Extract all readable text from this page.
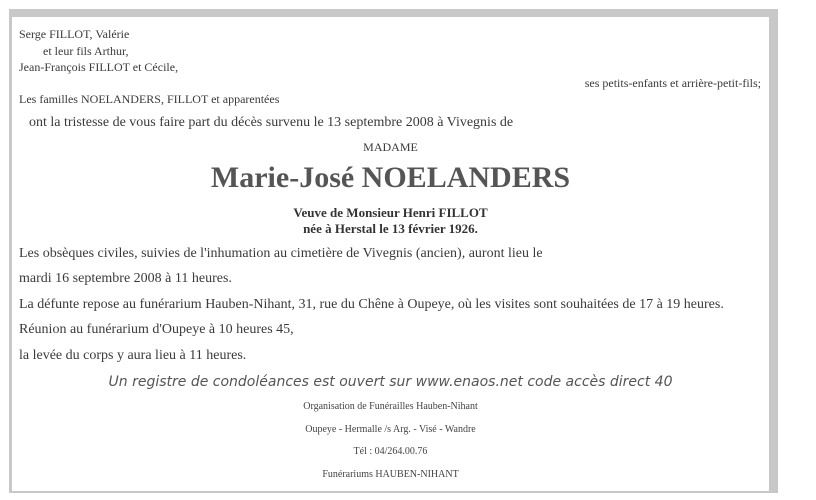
Serge FILLOT, Valérie
et leur fils Arthur,
Jean-François FILLOT et Cécile,
ses petits-enfants et arrière-petit-fils;
Les familles NOELANDERS, FILLOT et apparentées
ont la tristesse de vous faire part du décès survenu le 13 septembre 2008 à Vivegnis de
MADAME
Marie-José NOELANDERS
Veuve de Monsieur Henri FILLOT
née à Herstal le 13 février 1926.
Les obsèques civiles, suivies de l'inhumation au cimetière de Vivegnis (ancien), auront lieu le
mardi 16 septembre 2008 à 11 heures.
La défunte repose au funérarium Hauben-Nihant, 31, rue du Chêne à Oupeye, où les visites sont souhaitées de 17 à 19 heures.
Réunion au funérarium d'Oupeye à 10 heures 45,
la levée du corps y aura lieu à 11 heures.
Un registre de condoléances est ouvert sur www.enaos.net code accès direct 40
Organisation de Funérailles Hauben-Nihant
Oupeye - Hermalle /s Arg. - Visé - Wandre
Tél : 04/264.00.76
Funérariums HAUBEN-NIHANT
